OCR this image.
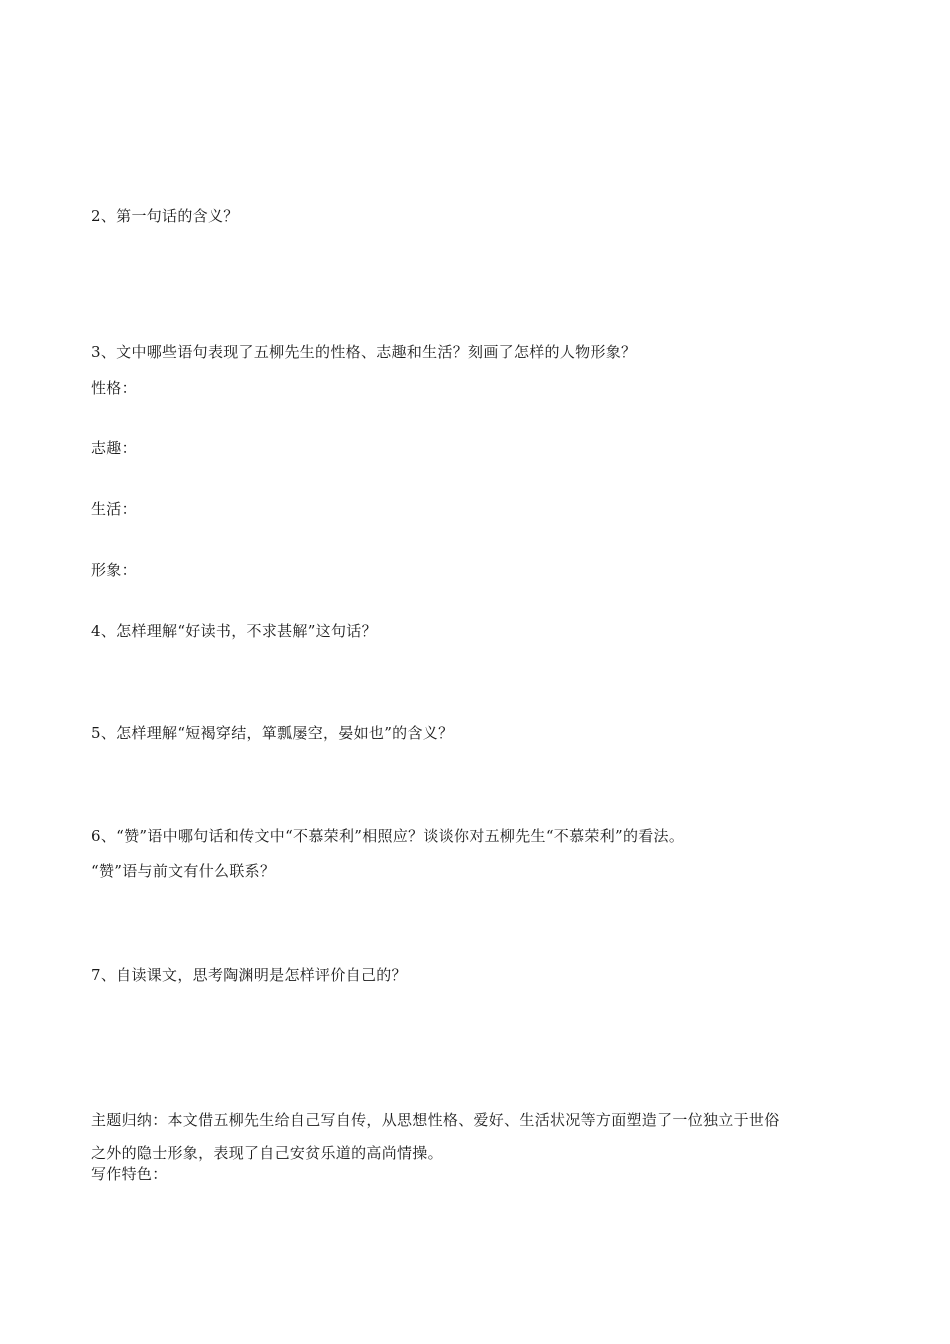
2、第一句话的含义？
3、文中哪些语句表现了五柳先生的性格、志趣和生活？刻画了怎样的人物形象？
性格：
志趣：
生活：
形象：
4、怎样理解“好读书，不求甚解”这句话？
5、怎样理解“短褐穿结，箪瓢屡空，晏如也”的含义？
6、“赞”语中哪句话和传文中“不慕荣利”相照应？谈谈你对五柳先生“不慕荣利”的看法。
“赞”语与前文有什么联系？
7、自读课文，思考陶渊明是怎样评价自己的？
主题归纳：本文借五柳先生给自己写自传，从思想性格、爱好、生活状况等方面塑造了一位独立于世俗
之外的隐士形象，表现了自己安贫乐道的高尚情操。
写作特色：
